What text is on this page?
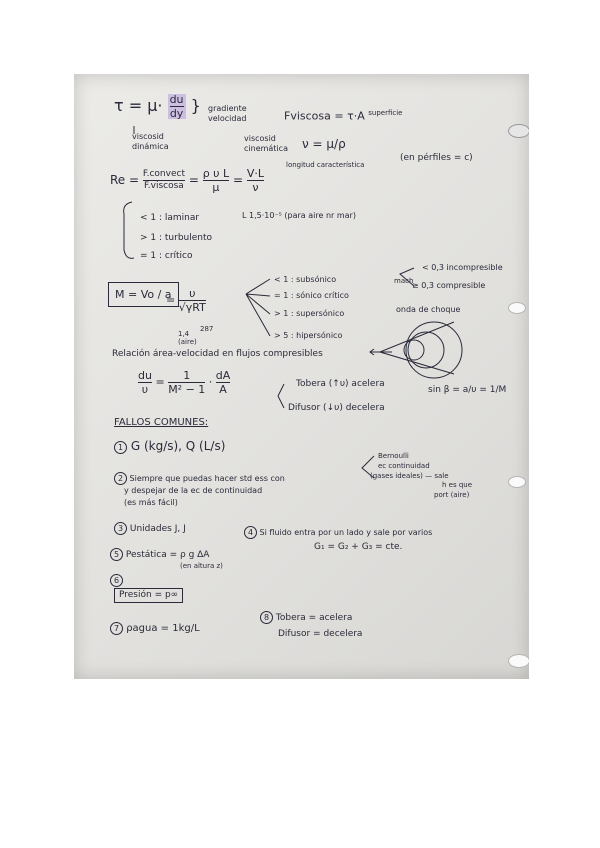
$\tau = \mu\cdot \frac{du}{dy}$ } gradiente
velocidad
viscosid
dinámica
Fviscosa = τ·A $^{superficie}$
viscosid
cinemática ν = μ/ρ
(en pérfiles = c)
$Re = \frac{\text{F.convect}}{\text{F.viscosa}} = \frac{\text{ρ υ L}}{\mu} = \frac{V\cdot L}{\nu}$
longitud característica
L 1,5·10⁻⁵ (para aire nr mar)
< 1 : laminar
> 1 : turbulento
= 1 : crítico
M = Vo / a
= $\frac{\upsilon}{\text{√γRT}}$
1,4
(aire)
287
< 1 : subsónico
= 1 : sónico crítico
> 1 : supersónico
> 5 : hipersónico
mach
< 0,3 incompresible
≥ 0,3 compresible
onda de choque
sin β = a/υ = 1/M
Relación área-velocidad en flujos compresibles
$\frac{du}{\upsilon} = \frac{1}{\text{M² − 1}} \cdot \frac{dA}{A}$	Tobera (↑υ) acelera
Difusor (↓υ) decelera
FALLOS COMUNES:
1 G (kg/s), Q (L/s)
2 Siempre que puedas hacer std ess con
y despejar de la ec de continuidad
(es más fácil)
Bernoulli
ec continuidad
(gases ideales) — sale
h es que
port (aire)
3 Unidades J, J	4 Si fluido entra por un lado y sale por varios
G₁ = G₂ + G₃ = cte.
5 Pestática = ρ g ΔA
(en altura z)
6
Presión = p∞
7 ρagua = 1kg/L
8 Tobera = acelera
Difusor = decelera
